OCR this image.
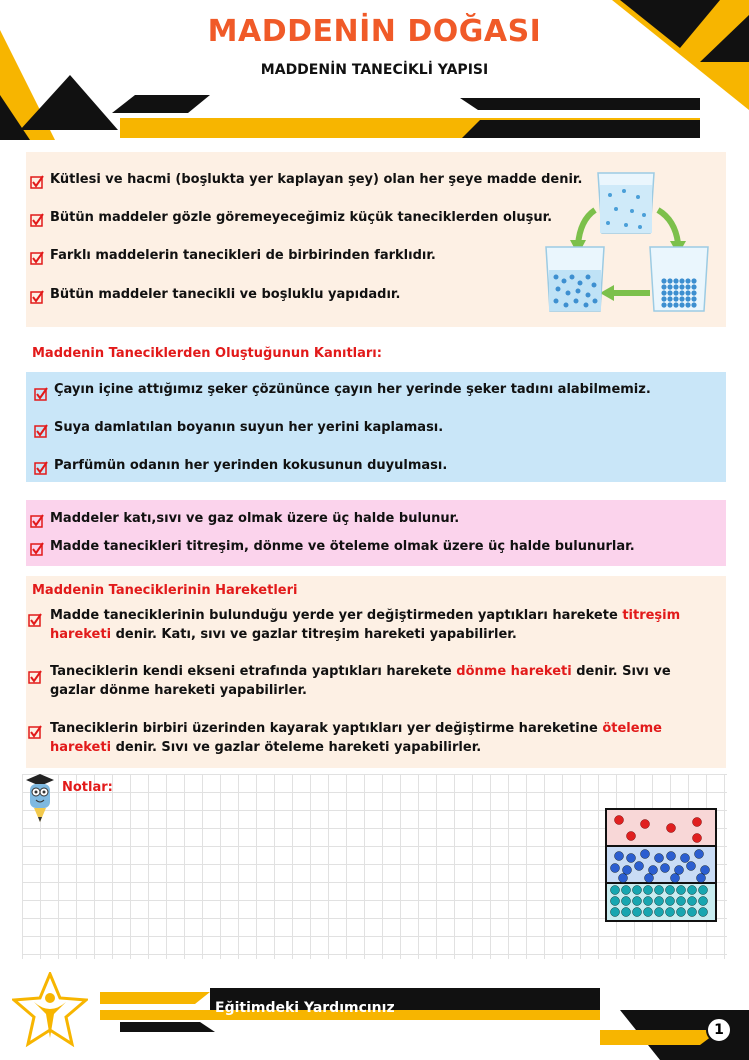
MADDENİN DOĞASI
MADDENİN TANECİKLİ YAPISI
Kütlesi ve hacmi (boşlukta yer kaplayan şey) olan her şeye madde denir.
Bütün maddeler gözle göremeyeceğimiz küçük taneciklerden oluşur.
Farklı maddelerin tanecikleri de birbirinden farklıdır.
Bütün maddeler tanecikli ve boşluklu yapıdadır.
Maddenin Taneciklerden Oluştuğunun Kanıtları:
Çayın içine attığımız şeker çözününce çayın her yerinde şeker tadını alabilmemiz.
Suya damlatılan boyanın suyun her yerini kaplaması.
Parfümün odanın her yerinden kokusunun duyulması.
Maddeler katı,sıvı ve gaz olmak üzere üç halde bulunur.
Madde tanecikleri titreşim, dönme ve öteleme olmak üzere üç halde bulunurlar.
Maddenin Taneciklerinin Hareketleri
Madde taneciklerinin bulunduğu yerde yer değiştirmeden yaptıkları harekete titreşim hareketi denir. Katı, sıvı ve gazlar titreşim hareketi yapabilirler.
Taneciklerin kendi ekseni etrafında yaptıkları harekete dönme hareketi denir. Sıvı ve gazlar dönme hareketi yapabilirler.
Taneciklerin birbiri üzerinden kayarak yaptıkları yer değiştirme hareketine öteleme hareketi denir. Sıvı ve gazlar öteleme hareketi yapabilirler.
Notlar:
Eğitimdeki Yardımcınız
1
